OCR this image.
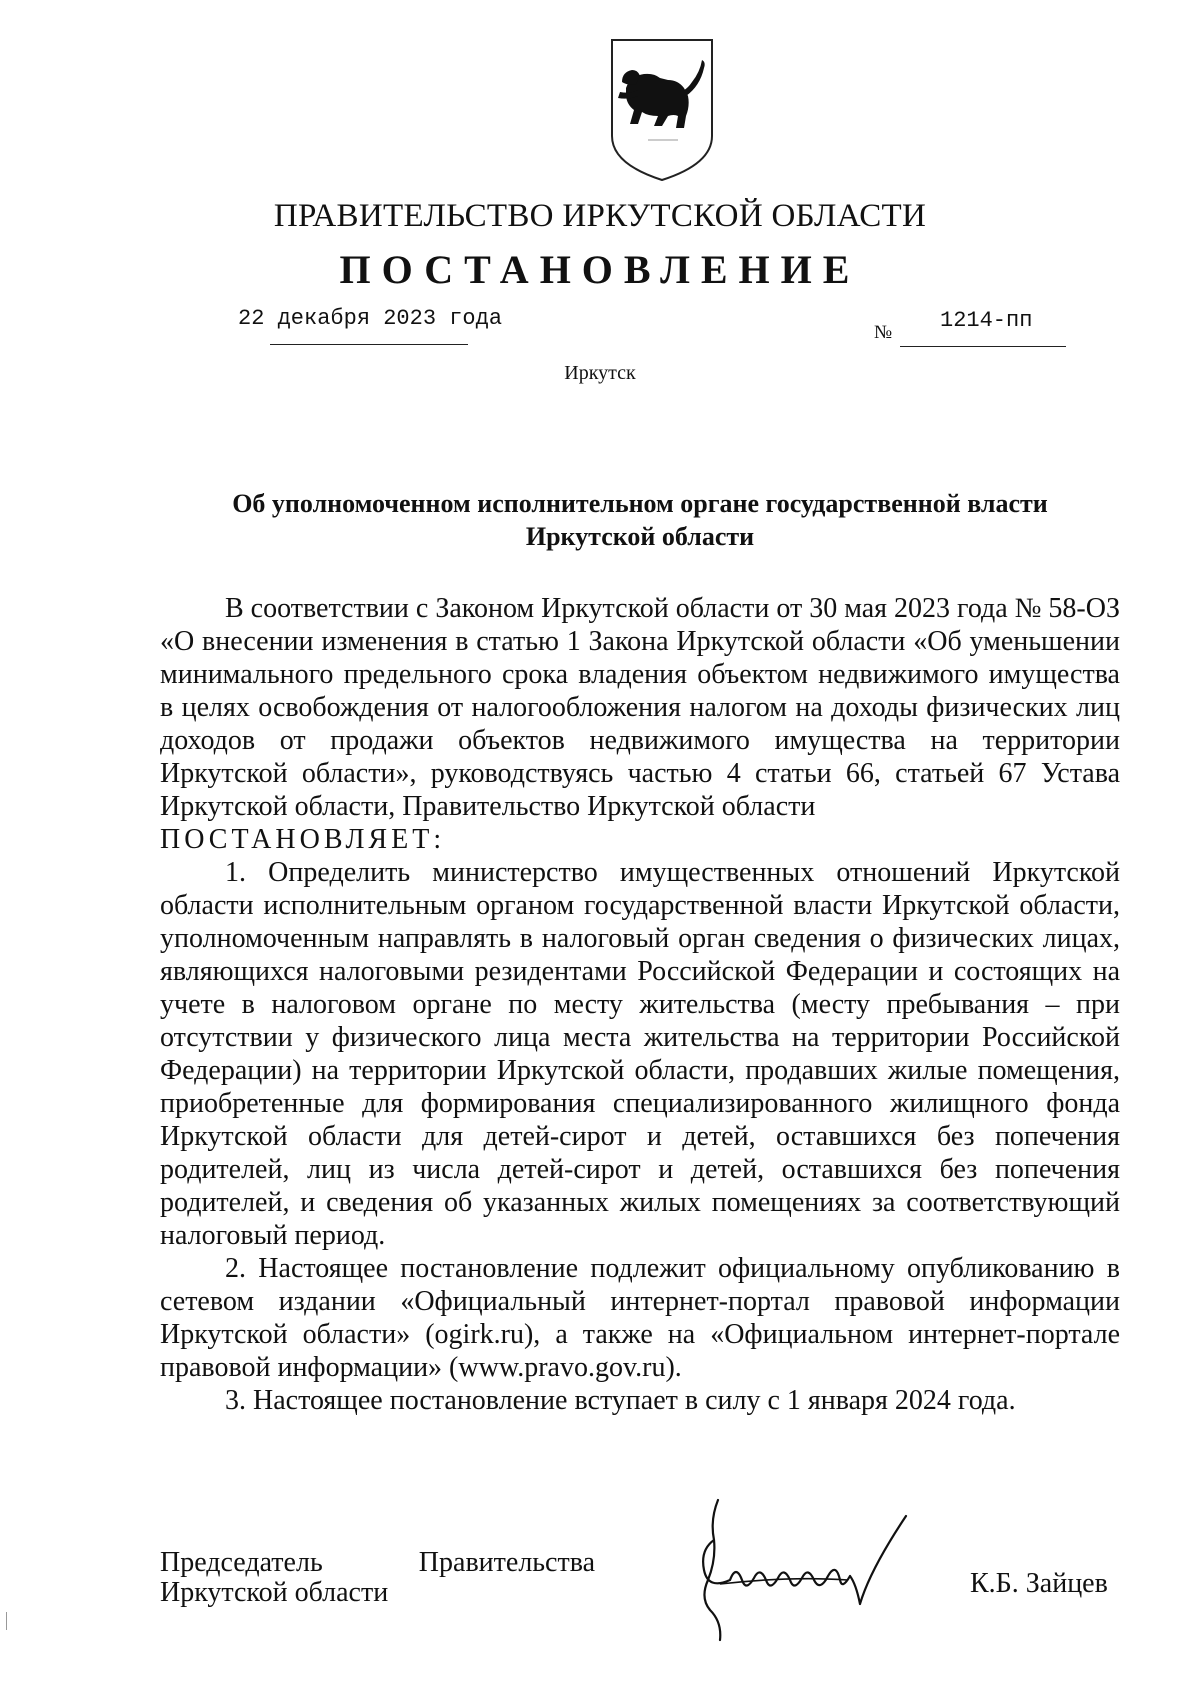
ПРАВИТЕЛЬСТВО ИРКУТСКОЙ ОБЛАСТИ
ПОСТАНОВЛЕНИЕ
22 декабря 2023 года
№ 1214-пп
Иркутск
Об уполномоченном исполнительном органе государственной власти
Иркутской области

В соответствии с Законом Иркутской области от 30 мая 2023 года № 58-ОЗ «О внесении изменения в статью 1 Закона Иркутской области «Об уменьшении минимального предельного срока владения объектом недвижимого имущества в целях освобождения от налогообложения налогом на доходы физических лиц доходов от продажи объектов недвижимого имущества на территории Иркутской области», руководствуясь частью 4 статьи 66, статьей 67 Устава Иркутской области, Правительство Иркутской области

ПОСТАНОВЛЯЕТ:

1. Определить министерство имущественных отношений Иркутской области исполнительным органом государственной власти Иркутской области, уполномоченным направлять в налоговый орган сведения о физических лицах, являющихся налоговыми резидентами Российской Федерации и состоящих на учете в налоговом органе по месту жительства (месту пребывания – при отсутствии у физического лица места жительства на территории Российской Федерации) на территории Иркутской области, продавших жилые помещения, приобретенные для формирования специализированного жилищного фонда Иркутской области для детей-сирот и детей, оставшихся без попечения родителей, лиц из числа детей-сирот и детей, оставшихся без попечения родителей, и сведения об указанных жилых помещениях за соответствующий налоговый период.

2. Настоящее постановление подлежит официальному опубликованию в сетевом издании «Официальный интернет-портал правовой информации Иркутской области» (ogirk.ru), а также на «Официальном интернет-портале правовой информации» (www.pravo.gov.ru).

3. Настоящее постановление вступает в силу с 1 января 2024 года.

Председатель	Правительства
Иркутской области	К.Б. Зайцев
